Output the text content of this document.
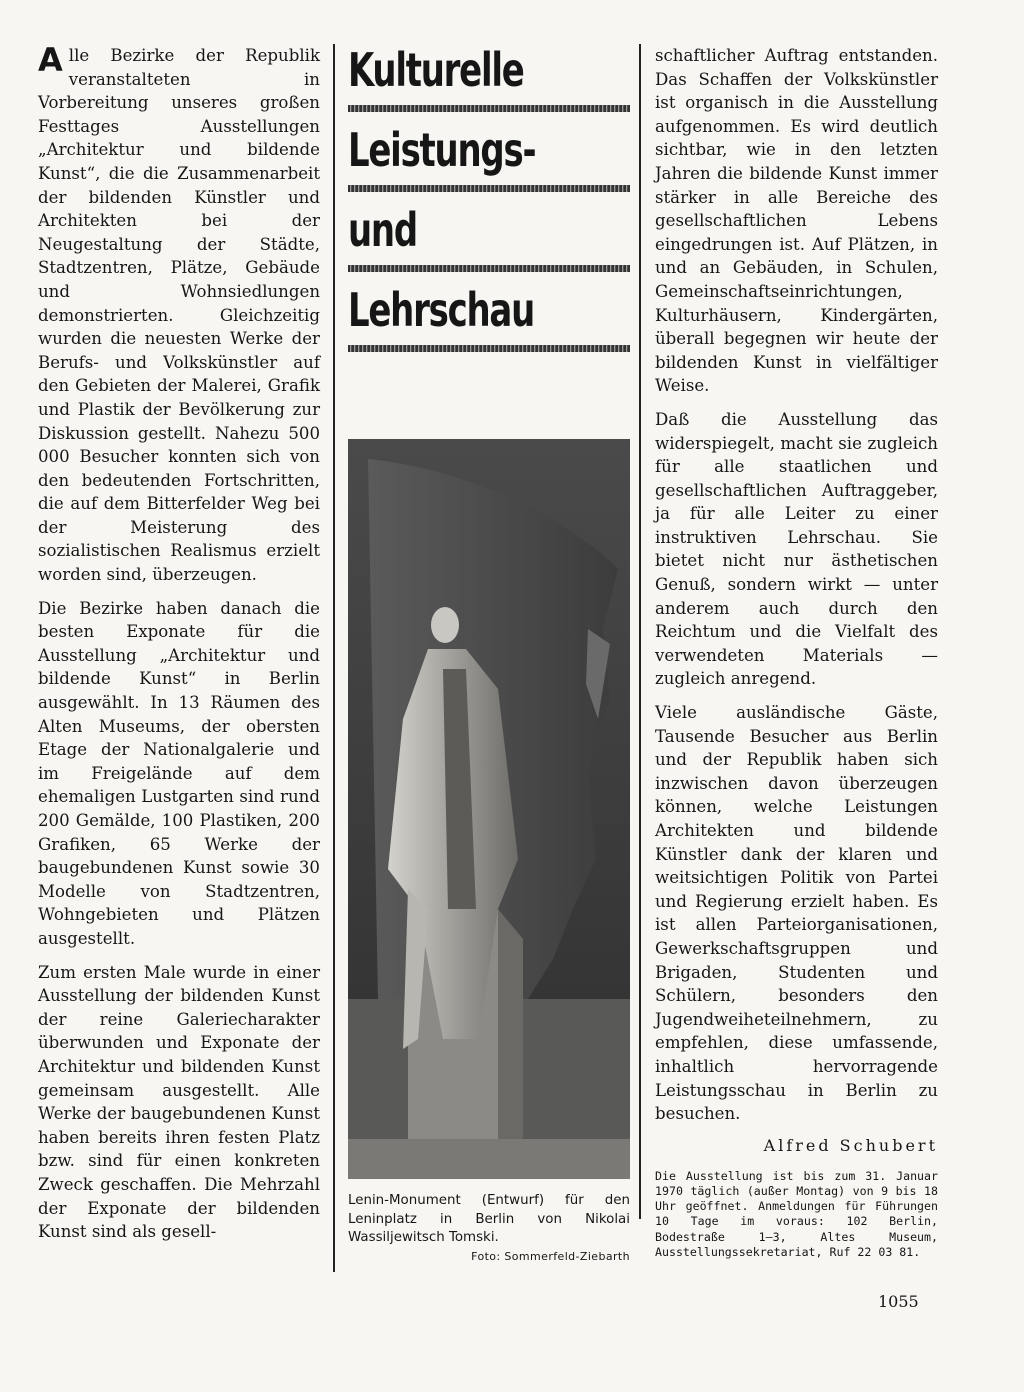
Alle Bezirke der Republik veranstalteten in Vorbereitung unseres großen Festtages Ausstellungen „Architektur und bildende Kunst“, die die Zusammenarbeit der bildenden Künstler und Architekten bei der Neugestaltung der Städte, Stadtzentren, Plätze, Gebäude und Wohnsiedlungen demonstrierten. Gleichzeitig wurden die neuesten Werke der Berufs- und Volkskünstler auf den Gebieten der Malerei, Grafik und Plastik der Bevölkerung zur Diskussion gestellt. Nahezu 500 000 Besucher konnten sich von den bedeutenden Fortschritten, die auf dem Bitterfelder Weg bei der Meisterung des sozialistischen Realismus erzielt worden sind, überzeugen.

Die Bezirke haben danach die besten Exponate für die Ausstellung „Architektur und bildende Kunst“ in Berlin ausgewählt. In 13 Räumen des Alten Museums, der obersten Etage der Nationalgalerie und im Freigelände auf dem ehemaligen Lustgarten sind rund 200 Gemälde, 100 Plastiken, 200 Grafiken, 65 Werke der baugebundenen Kunst sowie 30 Modelle von Stadtzentren, Wohngebieten und Plätzen ausgestellt.

Zum ersten Male wurde in einer Ausstellung der bildenden Kunst der reine Galeriecharakter überwunden und Exponate der Architektur und bildenden Kunst gemeinsam ausgestellt. Alle Werke der baugebundenen Kunst haben bereits ihren festen Platz bzw. sind für einen konkreten Zweck geschaffen. Die Mehrzahl der Exponate der bildenden Kunst sind als gesell-

Kulturelle
Leistungs-
und
Lehrschau
Lenin-Monument (Entwurf) für den Leninplatz in Berlin von Nikolai Wassiljewitsch Tomski.
Foto: Sommerfeld-Ziebarth

schaftlicher Auftrag entstanden. Das Schaffen der Volkskünstler ist organisch in die Ausstellung aufgenommen. Es wird deutlich sichtbar, wie in den letzten Jahren die bildende Kunst immer stärker in alle Bereiche des gesellschaftlichen Lebens eingedrungen ist. Auf Plätzen, in und an Gebäuden, in Schulen, Gemeinschaftseinrichtungen, Kulturhäusern, Kindergärten, überall begegnen wir heute der bildenden Kunst in vielfältiger Weise.

Daß die Ausstellung das widerspiegelt, macht sie zugleich für alle staatlichen und gesellschaftlichen Auftraggeber, ja für alle Leiter zu einer instruktiven Lehrschau. Sie bietet nicht nur ästhetischen Genuß, sondern wirkt — unter anderem auch durch den Reichtum und die Vielfalt des verwendeten Materials — zugleich anregend.

Viele ausländische Gäste, Tausende Besucher aus Berlin und der Republik haben sich inzwischen davon überzeugen können, welche Leistungen Architekten und bildende Künstler dank der klaren und weitsichtigen Politik von Partei und Regierung erzielt haben. Es ist allen Parteiorganisationen, Gewerkschaftsgruppen und Brigaden, Studenten und Schülern, besonders den Jugendweiheteilnehmern, zu empfehlen, diese umfassende, inhaltlich hervorragende Leistungsschau in Berlin zu besuchen.

Alfred Schubert

Die Ausstellung ist bis zum 31. Januar 1970 täglich (außer Montag) von 9 bis 18 Uhr geöffnet. Anmeldungen für Führungen 10 Tage im voraus: 102 Berlin, Bodestraße 1–3, Altes Museum, Ausstellungssekretariat, Ruf 22 03 81.

1055
